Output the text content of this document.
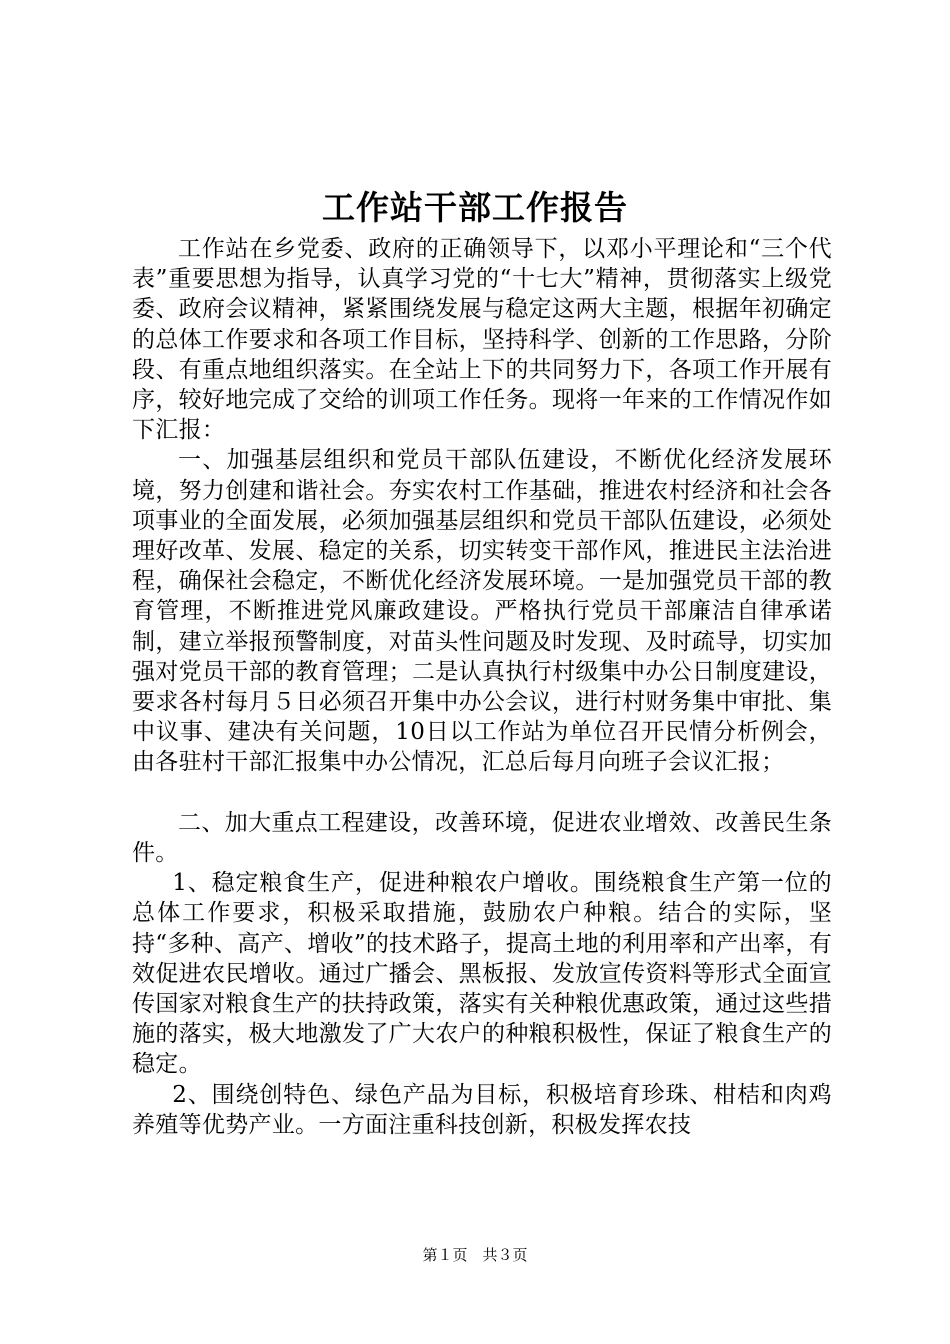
工作站干部工作报告

工作站在乡党委、政府的正确领导下，以邓小平理论和“三个代表”重要思想为指导，认真学习党的“十七大”精神，贯彻落实上级党委、政府会议精神，紧紧围绕发展与稳定这两大主题，根据年初确定的总体工作要求和各项工作目标，坚持科学、创新的工作思路，分阶段、有重点地组织落实。在全站上下的共同努力下，各项工作开展有序，较好地完成了交给的训项工作任务。现将一年来的工作情况作如下汇报：

一、加强基层组织和党员干部队伍建设，不断优化经济发展环境，努力创建和谐社会。夯实农村工作基础，推进农村经济和社会各项事业的全面发展，必须加强基层组织和党员干部队伍建设，必须处理好改革、发展、稳定的关系，切实转变干部作风，推进民主法治进程，确保社会稳定，不断优化经济发展环境。一是加强党员干部的教育管理，不断推进党风廉政建设。严格执行党员干部廉洁自律承诺制，建立举报预警制度，对苗头性问题及时发现、及时疏导，切实加强对党员干部的教育管理；二是认真执行村级集中办公日制度建设，要求各村每月５日必须召开集中办公会议，进行村财务集中审批、集中议事、建决有关问题，10日以工作站为单位召开民情分析例会，由各驻村干部汇报集中办公情况，汇总后每月向班子会议汇报；

二、加大重点工程建设，改善环境，促进农业增效、改善民生条件。

1、稳定粮食生产，促进种粮农户增收。围绕粮食生产第一位的总体工作要求，积极采取措施，鼓励农户种粮。结合的实际，坚持“多种、高产、增收”的技术路子，提高土地的利用率和产出率，有效促进农民增收。通过广播会、黑板报、发放宣传资料等形式全面宣传国家对粮食生产的扶持政策，落实有关种粮优惠政策，通过这些措施的落实，极大地激发了广大农户的种粮积极性，保证了粮食生产的稳定。

2、围绕创特色、绿色产品为目标，积极培育珍珠、柑桔和肉鸡养殖等优势产业。一方面注重科技创新，积极发挥农技

第１页　共３页
